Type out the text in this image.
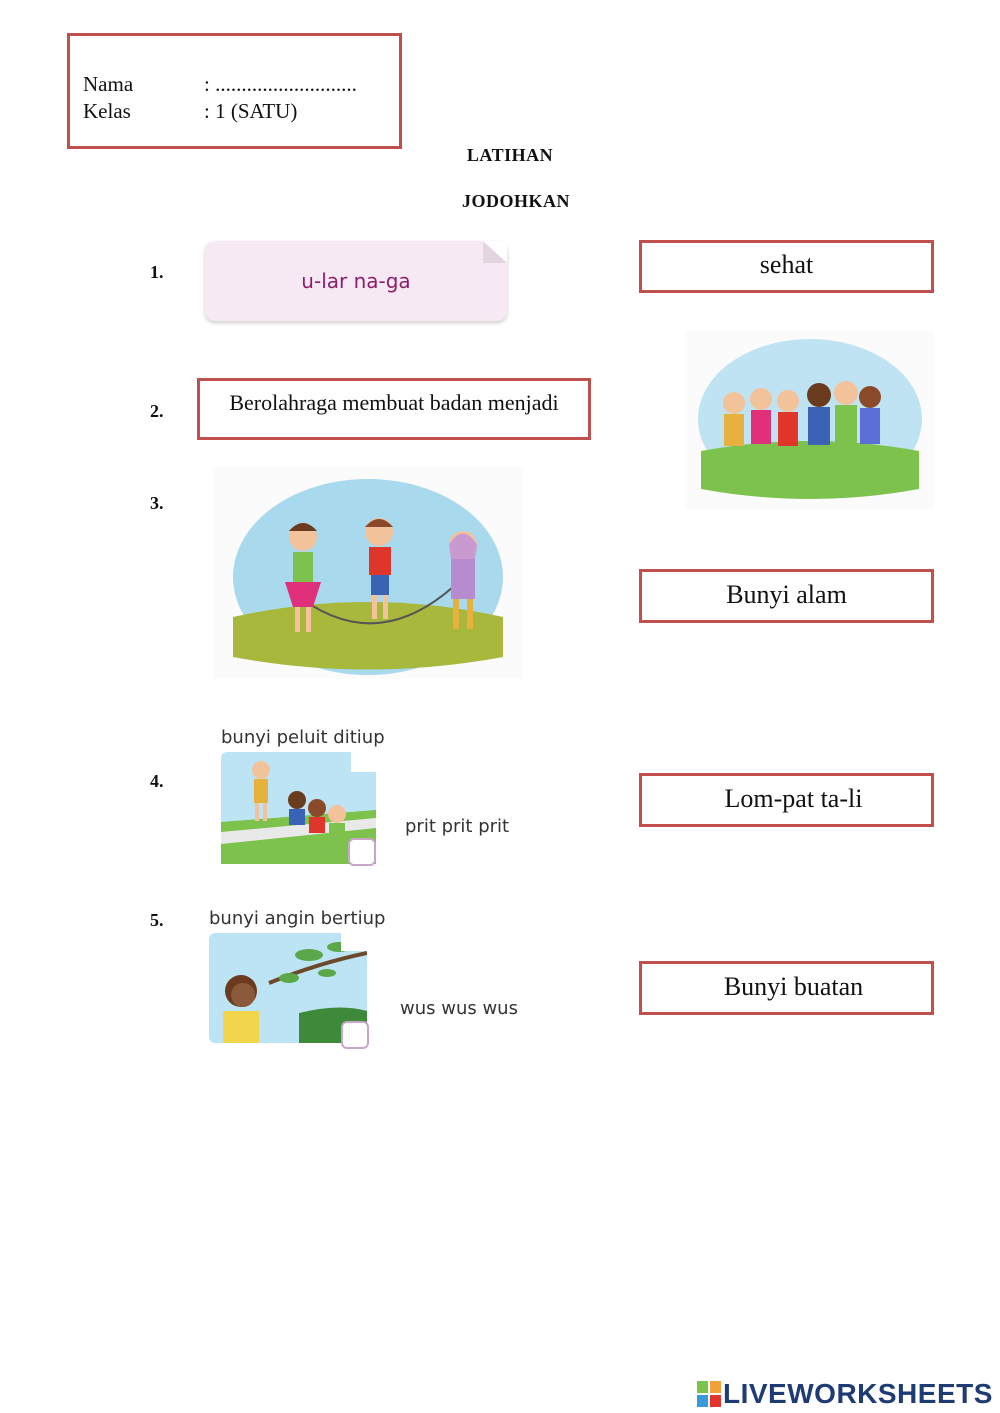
Nama	: ...........................
Kelas	: 1 (SATU)
LATIHAN
JODOHKAN
1.
2.
3.
4.
5.
u-lar na-ga
Berolahraga membuat badan menjadi
bunyi peluit ditiup
prit prit prit
bunyi angin bertiup
wus wus wus
sehat
Bunyi alam
Lom-pat ta-li
Bunyi buatan
LIVEWORKSHEETS
